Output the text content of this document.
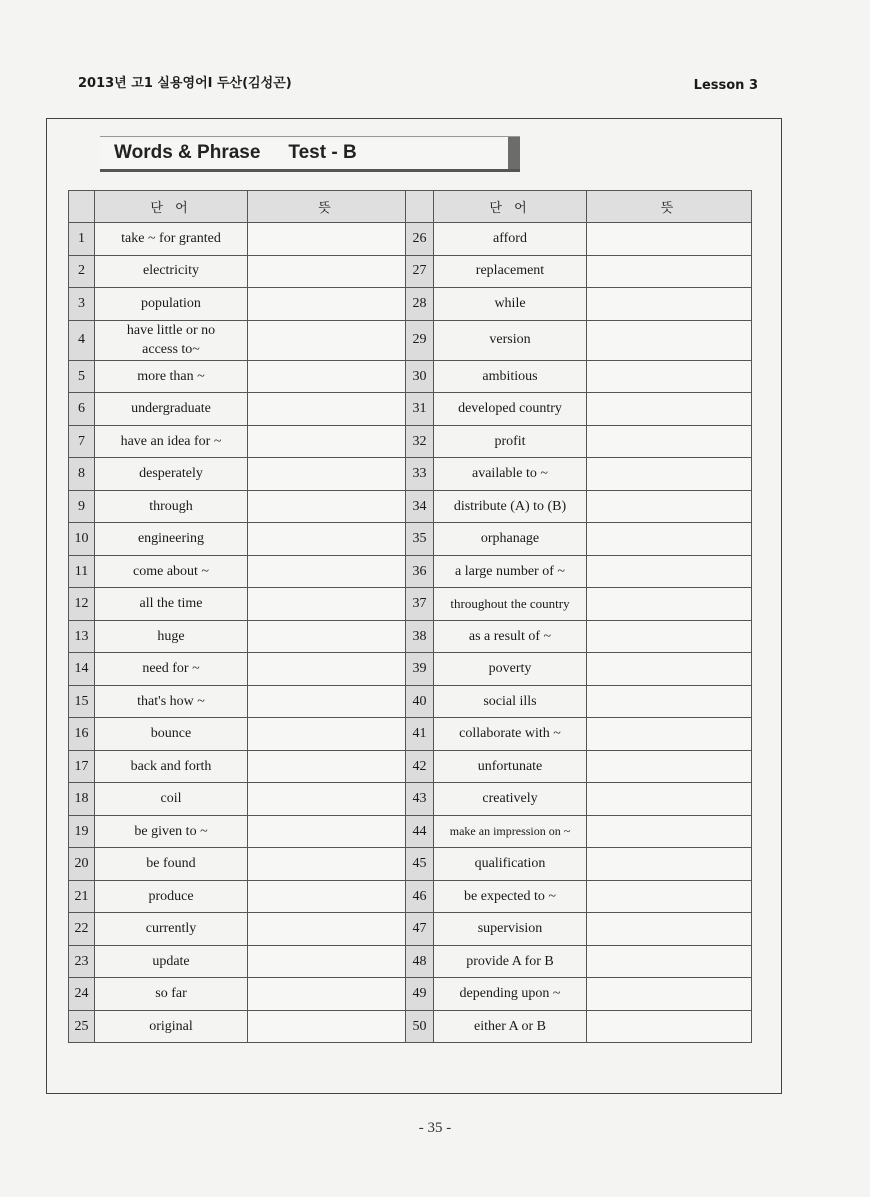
2013년 고1 실용영어I 두산(김성곤)	Lesson 3
Words & Phrase Test - B
	단 어	뜻		단 어	뜻
1	take ~ for granted		26	afford	
2	electricity		27	replacement	
3	population		28	while	
4	have little or no access to~		29	version	
5	more than ~		30	ambitious	
6	undergraduate		31	developed country	
7	have an idea for ~		32	profit	
8	desperately		33	available to ~	
9	through		34	distribute (A) to (B)	
10	engineering		35	orphanage	
11	come about ~		36	a large number of ~	
12	all the time		37	throughout the country	
13	huge		38	as a result of ~	
14	need for ~		39	poverty	
15	that's how ~		40	social ills	
16	bounce		41	collaborate with ~	
17	back and forth		42	unfortunate	
18	coil		43	creatively	
19	be given to ~		44	make an impression on ~	
20	be found		45	qualification	
21	produce		46	be expected to ~	
22	currently		47	supervision	
23	update		48	provide A for B	
24	so far		49	depending upon ~	
25	original		50	either A or B	
- 35 -
